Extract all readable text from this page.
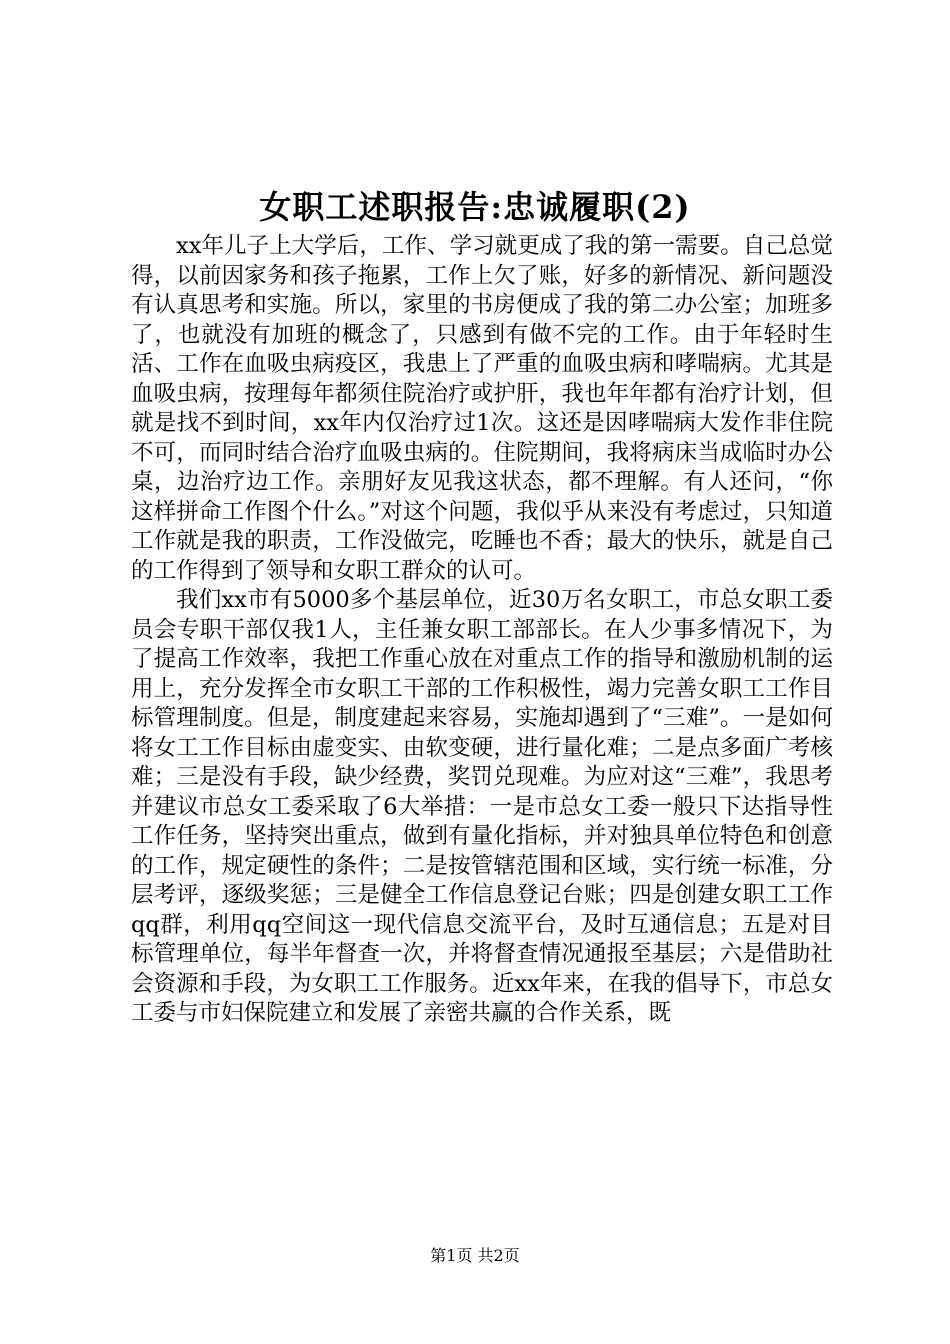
女职工述职报告:忠诚履职(2)

xx年儿子上大学后，工作、学习就更成了我的第一需要。自己总觉得，以前因家务和孩子拖累，工作上欠了账，好多的新情况、新问题没有认真思考和实施。所以，家里的书房便成了我的第二办公室；加班多了，也就没有加班的概念了，只感到有做不完的工作。由于年轻时生活、工作在血吸虫病疫区，我患上了严重的血吸虫病和哮喘病。尤其是血吸虫病，按理每年都须住院治疗或护肝，我也年年都有治疗计划，但就是找不到时间，xx年内仅治疗过1次。这还是因哮喘病大发作非住院不可，而同时结合治疗血吸虫病的。住院期间，我将病床当成临时办公桌，边治疗边工作。亲朋好友见我这状态，都不理解。有人还问，“你这样拼命工作图个什么。”对这个问题，我似乎从来没有考虑过，只知道工作就是我的职责，工作没做完，吃睡也不香；最大的快乐，就是自己的工作得到了领导和女职工群众的认可。

我们xx市有5000多个基层单位，近30万名女职工，市总女职工委员会专职干部仅我1人，主任兼女职工部部长。在人少事多情况下，为了提高工作效率，我把工作重心放在对重点工作的指导和激励机制的运用上，充分发挥全市女职工干部的工作积极性，竭力完善女职工工作目标管理制度。但是，制度建起来容易，实施却遇到了“三难”。一是如何将女工工作目标由虚变实、由软变硬，进行量化难；二是点多面广考核难；三是没有手段，缺少经费，奖罚兑现难。为应对这“三难”，我思考并建议市总女工委采取了6大举措：一是市总女工委一般只下达指导性工作任务，坚持突出重点，做到有量化指标，并对独具单位特色和创意的工作，规定硬性的条件；二是按管辖范围和区域，实行统一标准，分层考评，逐级奖惩；三是健全工作信息登记台账；四是创建女职工工作qq群，利用qq空间这一现代信息交流平台，及时互通信息；五是对目标管理单位，每半年督查一次，并将督查情况通报至基层；六是借助社会资源和手段，为女职工工作服务。近xx年来，在我的倡导下，市总女工委与市妇保院建立和发展了亲密共赢的合作关系，既

第1页 共2页
